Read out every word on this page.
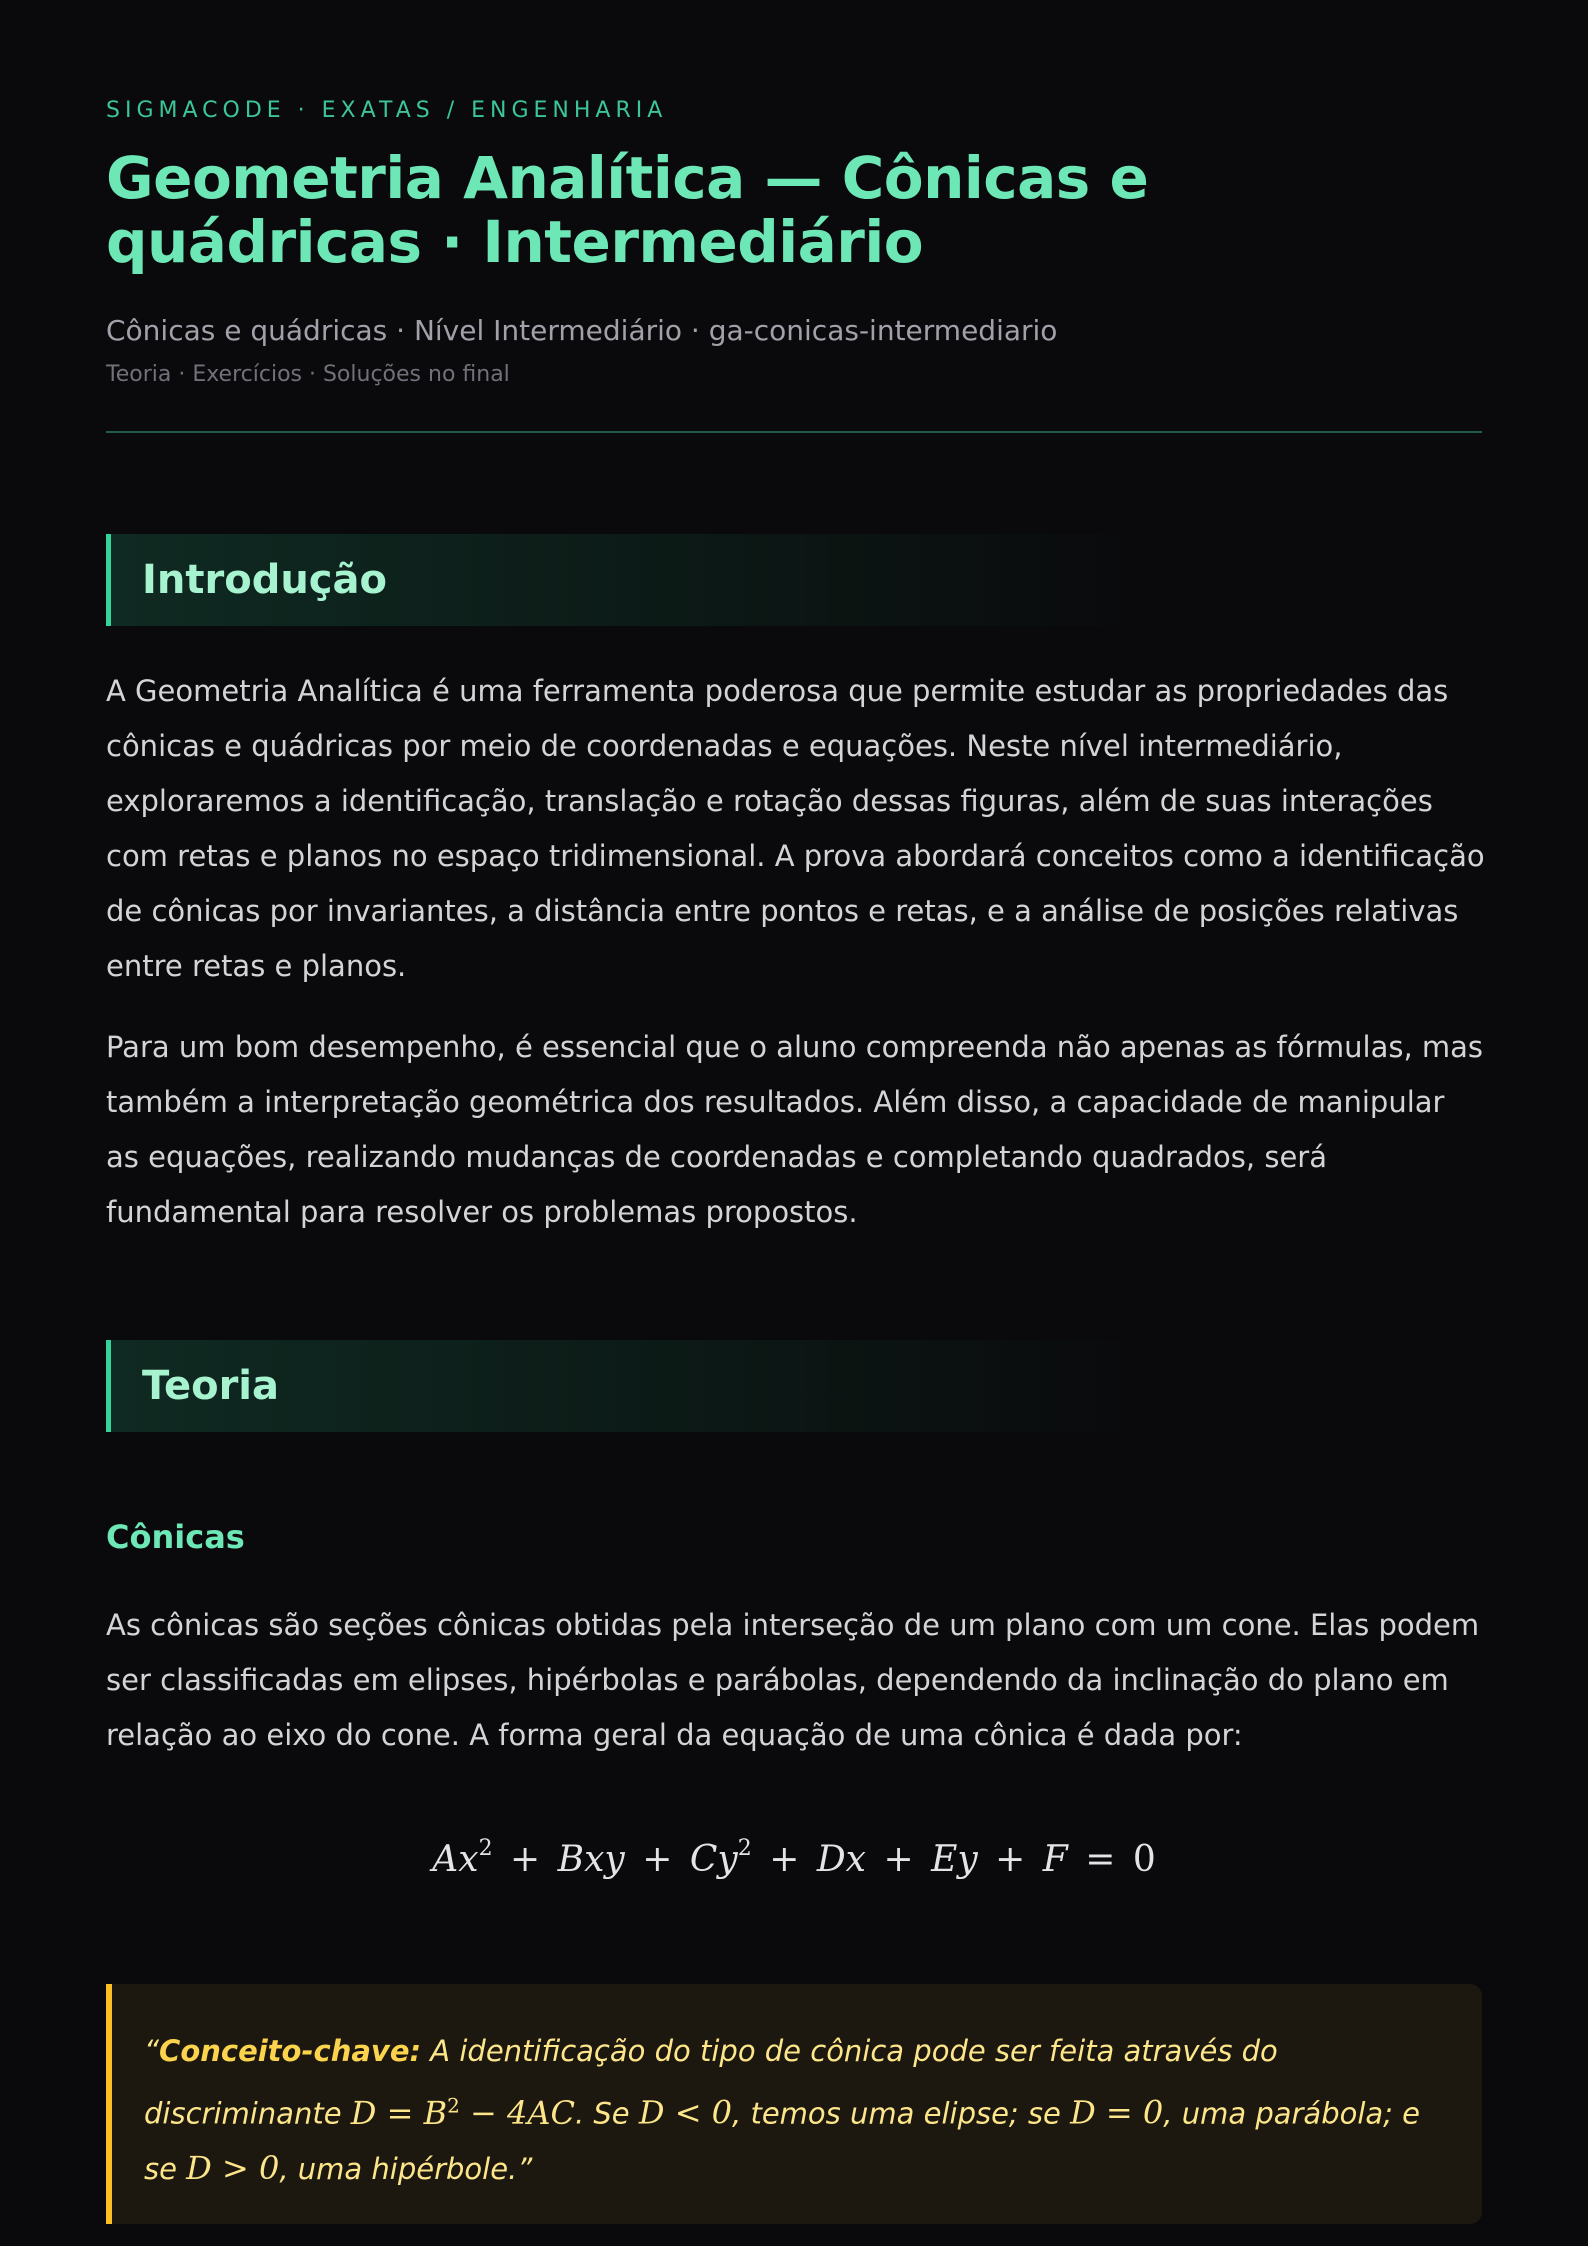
SIGMACODE · EXATAS / ENGENHARIA
Geometria Analítica — Cônicas e quádricas · Intermediário
Cônicas e quádricas · Nível Intermediário · ga-conicas-intermediario
Teoria · Exercícios · Soluções no final
Introdução

A Geometria Analítica é uma ferramenta poderosa que permite estudar as propriedades das cônicas e quádricas por meio de coordenadas e equações. Neste nível intermediário, exploraremos a identificação, translação e rotação dessas figuras, além de suas interações com retas e planos no espaço tridimensional. A prova abordará conceitos como a identificação de cônicas por invariantes, a distância entre pontos e retas, e a análise de posições relativas entre retas e planos.

Para um bom desempenho, é essencial que o aluno compreenda não apenas as fórmulas, mas também a interpretação geométrica dos resultados. Além disso, a capacidade de manipular as equações, realizando mudanças de coordenadas e completando quadrados, será fundamental para resolver os problemas propostos.

Teoria
Cônicas

As cônicas são seções cônicas obtidas pela interseção de um plano com um cone. Elas podem ser classificadas em elipses, hipérbolas e parábolas, dependendo da inclinação do plano em relação ao eixo do cone. A forma geral da equação de uma cônica é dada por:

$Ax^2$ + Bxy + $Cy^2 + Dx + Ey + F = 0$

“Conceito-chave: A identificação do tipo de cônica pode ser feita através do discriminante $D = B^2 - 4AC$. Se D < 0, temos uma elipse; se D = 0, uma parábola; e se D > 0, uma hipérbole.”
